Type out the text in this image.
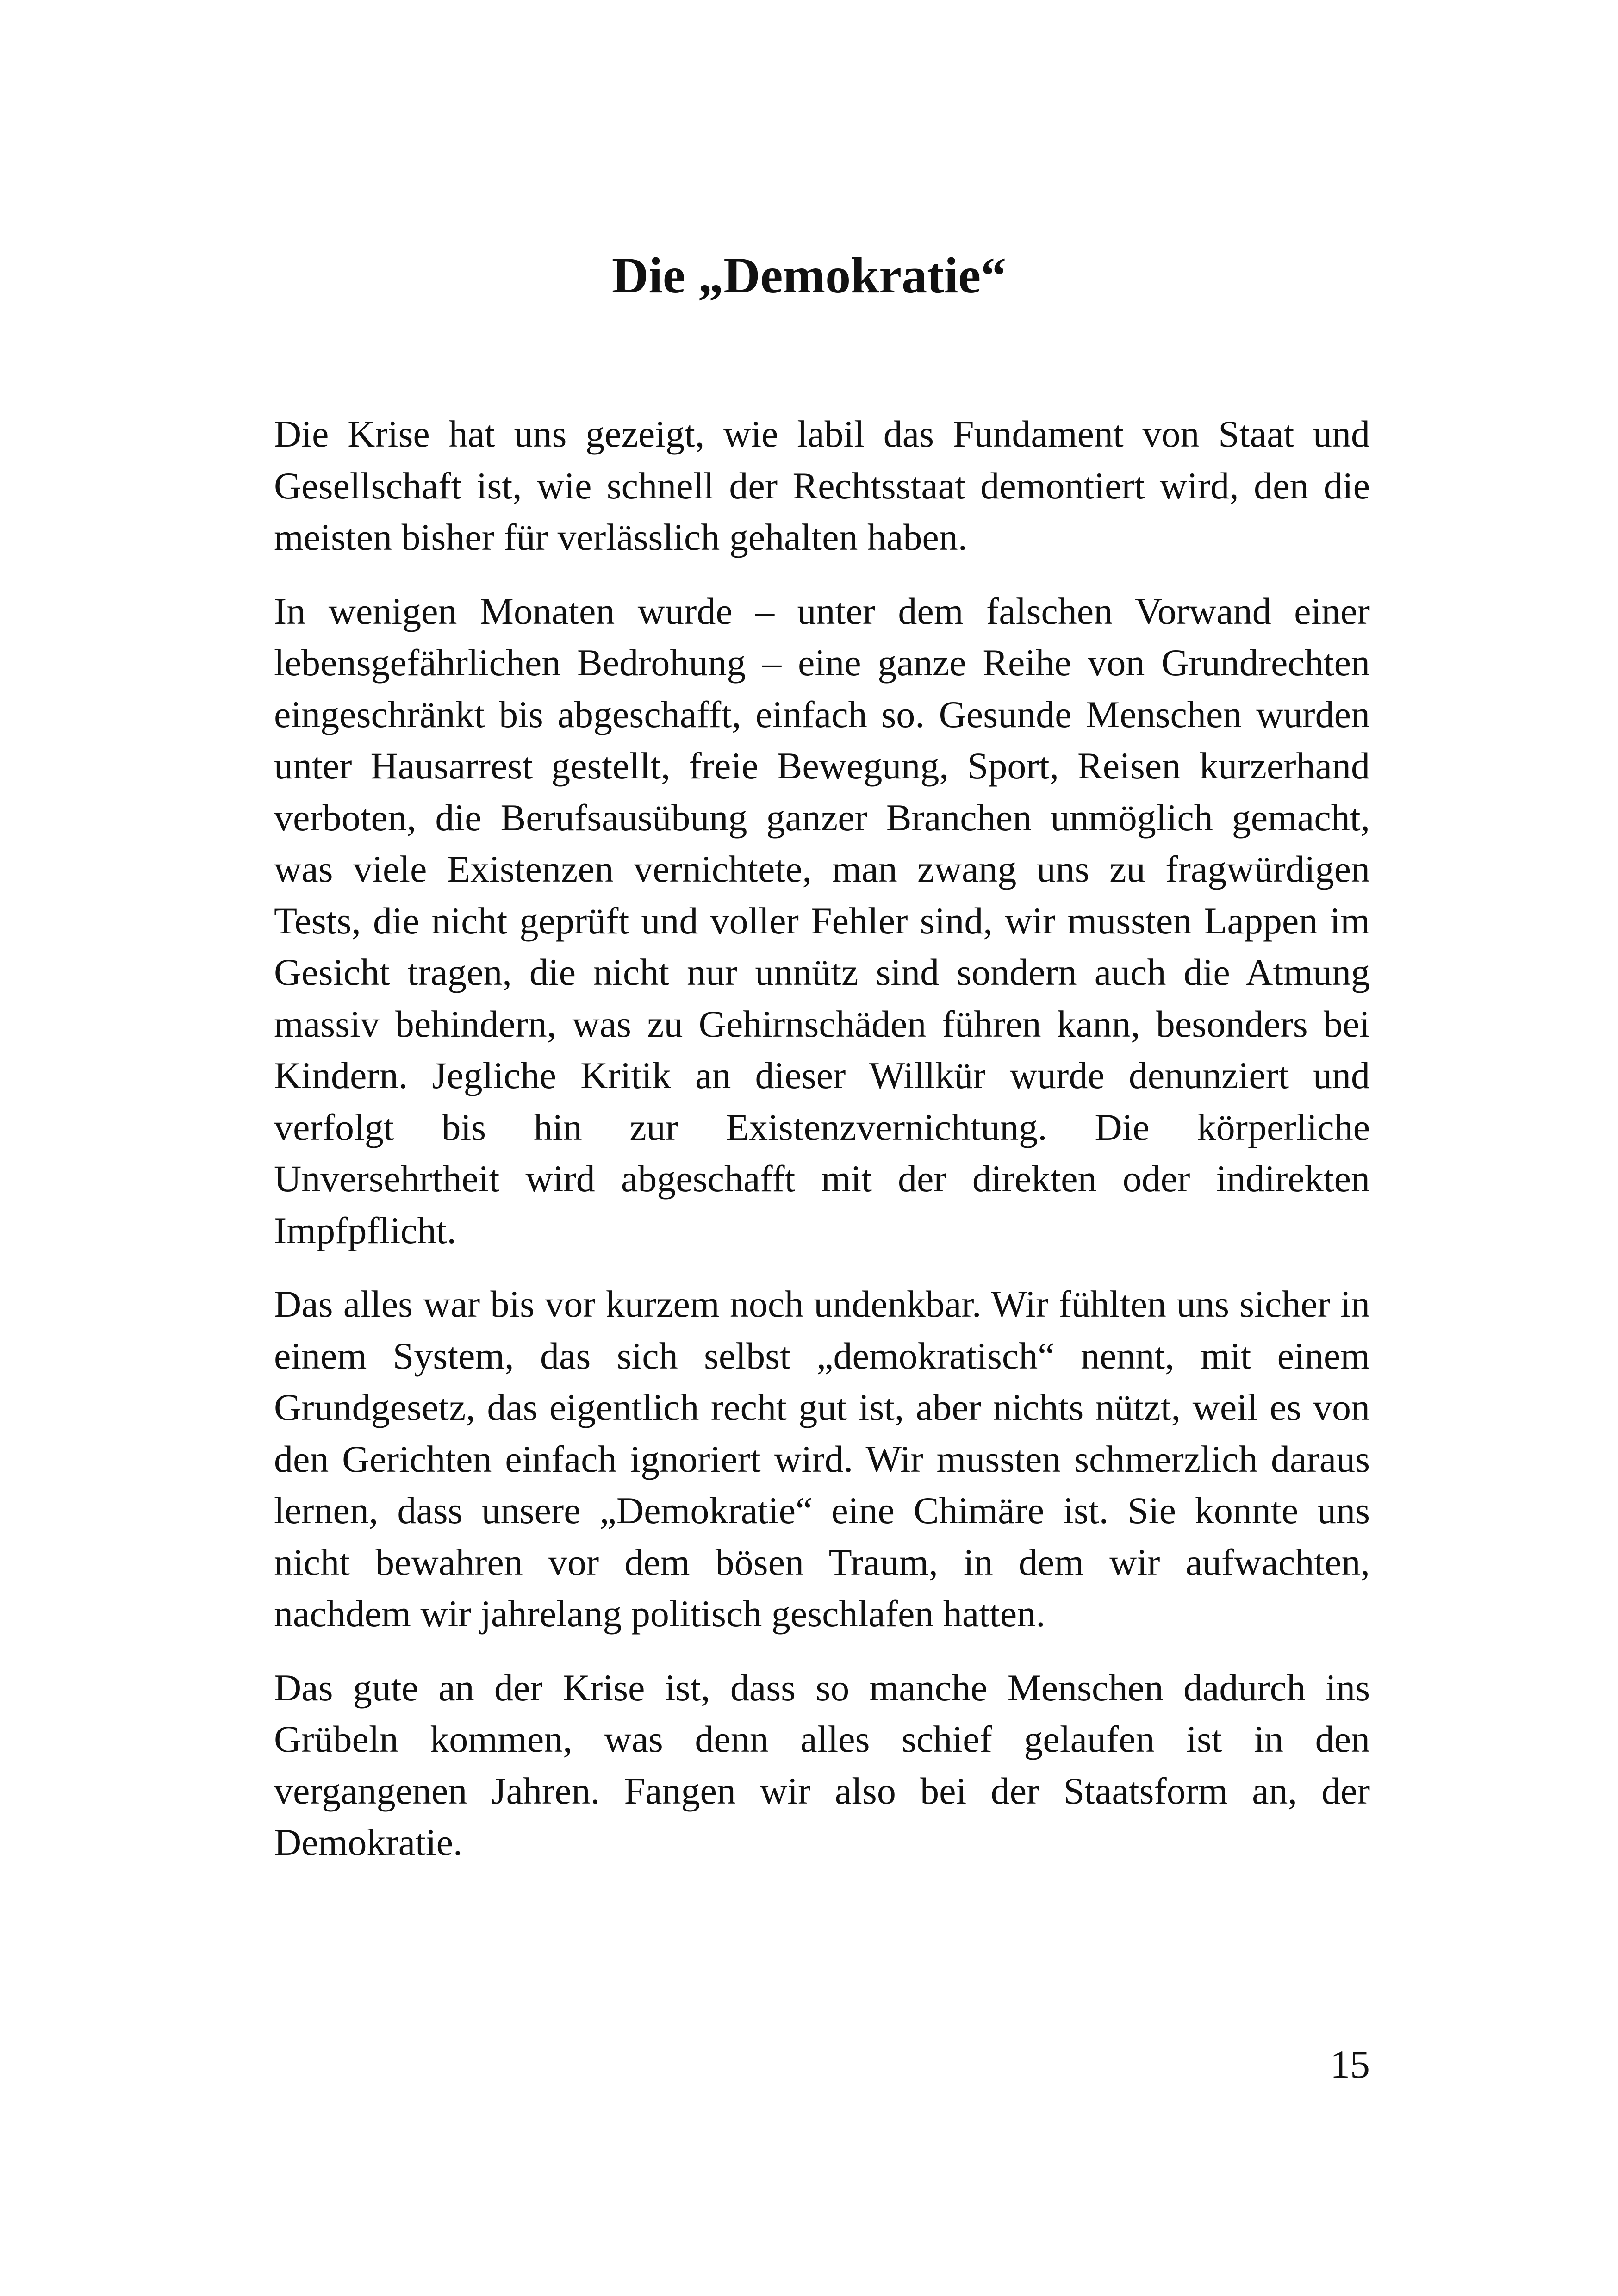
Die „Demokratie“

Die Krise hat uns gezeigt, wie labil das Fundament von Staat und Gesellschaft ist, wie schnell der Rechtsstaat demontiert wird, den die meisten bisher für verlässlich gehalten haben.

In wenigen Monaten wurde – unter dem falschen Vorwand einer lebensgefährlichen Bedrohung – eine ganze Reihe von Grundrechten eingeschränkt bis abgeschafft, einfach so. Gesunde Menschen wurden unter Hausarrest gestellt, freie Bewegung, Sport, Reisen kurzerhand verboten, die Berufsausübung ganzer Branchen unmöglich gemacht, was viele Existenzen vernichtete, man zwang uns zu fragwürdigen Tests, die nicht geprüft und voller Fehler sind, wir mussten Lappen im Gesicht tragen, die nicht nur unnütz sind sondern auch die Atmung massiv behindern, was zu Gehirnschäden führen kann, besonders bei Kindern. Jegliche Kritik an dieser Willkür wurde denunziert und verfolgt bis hin zur Existenzvernichtung. Die körperliche Unversehrtheit wird abgeschafft mit der direkten oder indirekten Impfpflicht.

Das alles war bis vor kurzem noch undenkbar. Wir fühlten uns sicher in einem System, das sich selbst „demokratisch“ nennt, mit einem Grundgesetz, das eigentlich recht gut ist, aber nichts nützt, weil es von den Gerichten einfach ignoriert wird. Wir mussten schmerzlich daraus lernen, dass unsere „Demokratie“ eine Chimäre ist. Sie konnte uns nicht bewahren vor dem bösen Traum, in dem wir aufwachten, nachdem wir jahrelang politisch geschlafen hatten.

Das gute an der Krise ist, dass so manche Menschen dadurch ins Grübeln kommen, was denn alles schief gelaufen ist in den vergangenen Jahren. Fangen wir also bei der Staatsform an, der Demokratie.

15
